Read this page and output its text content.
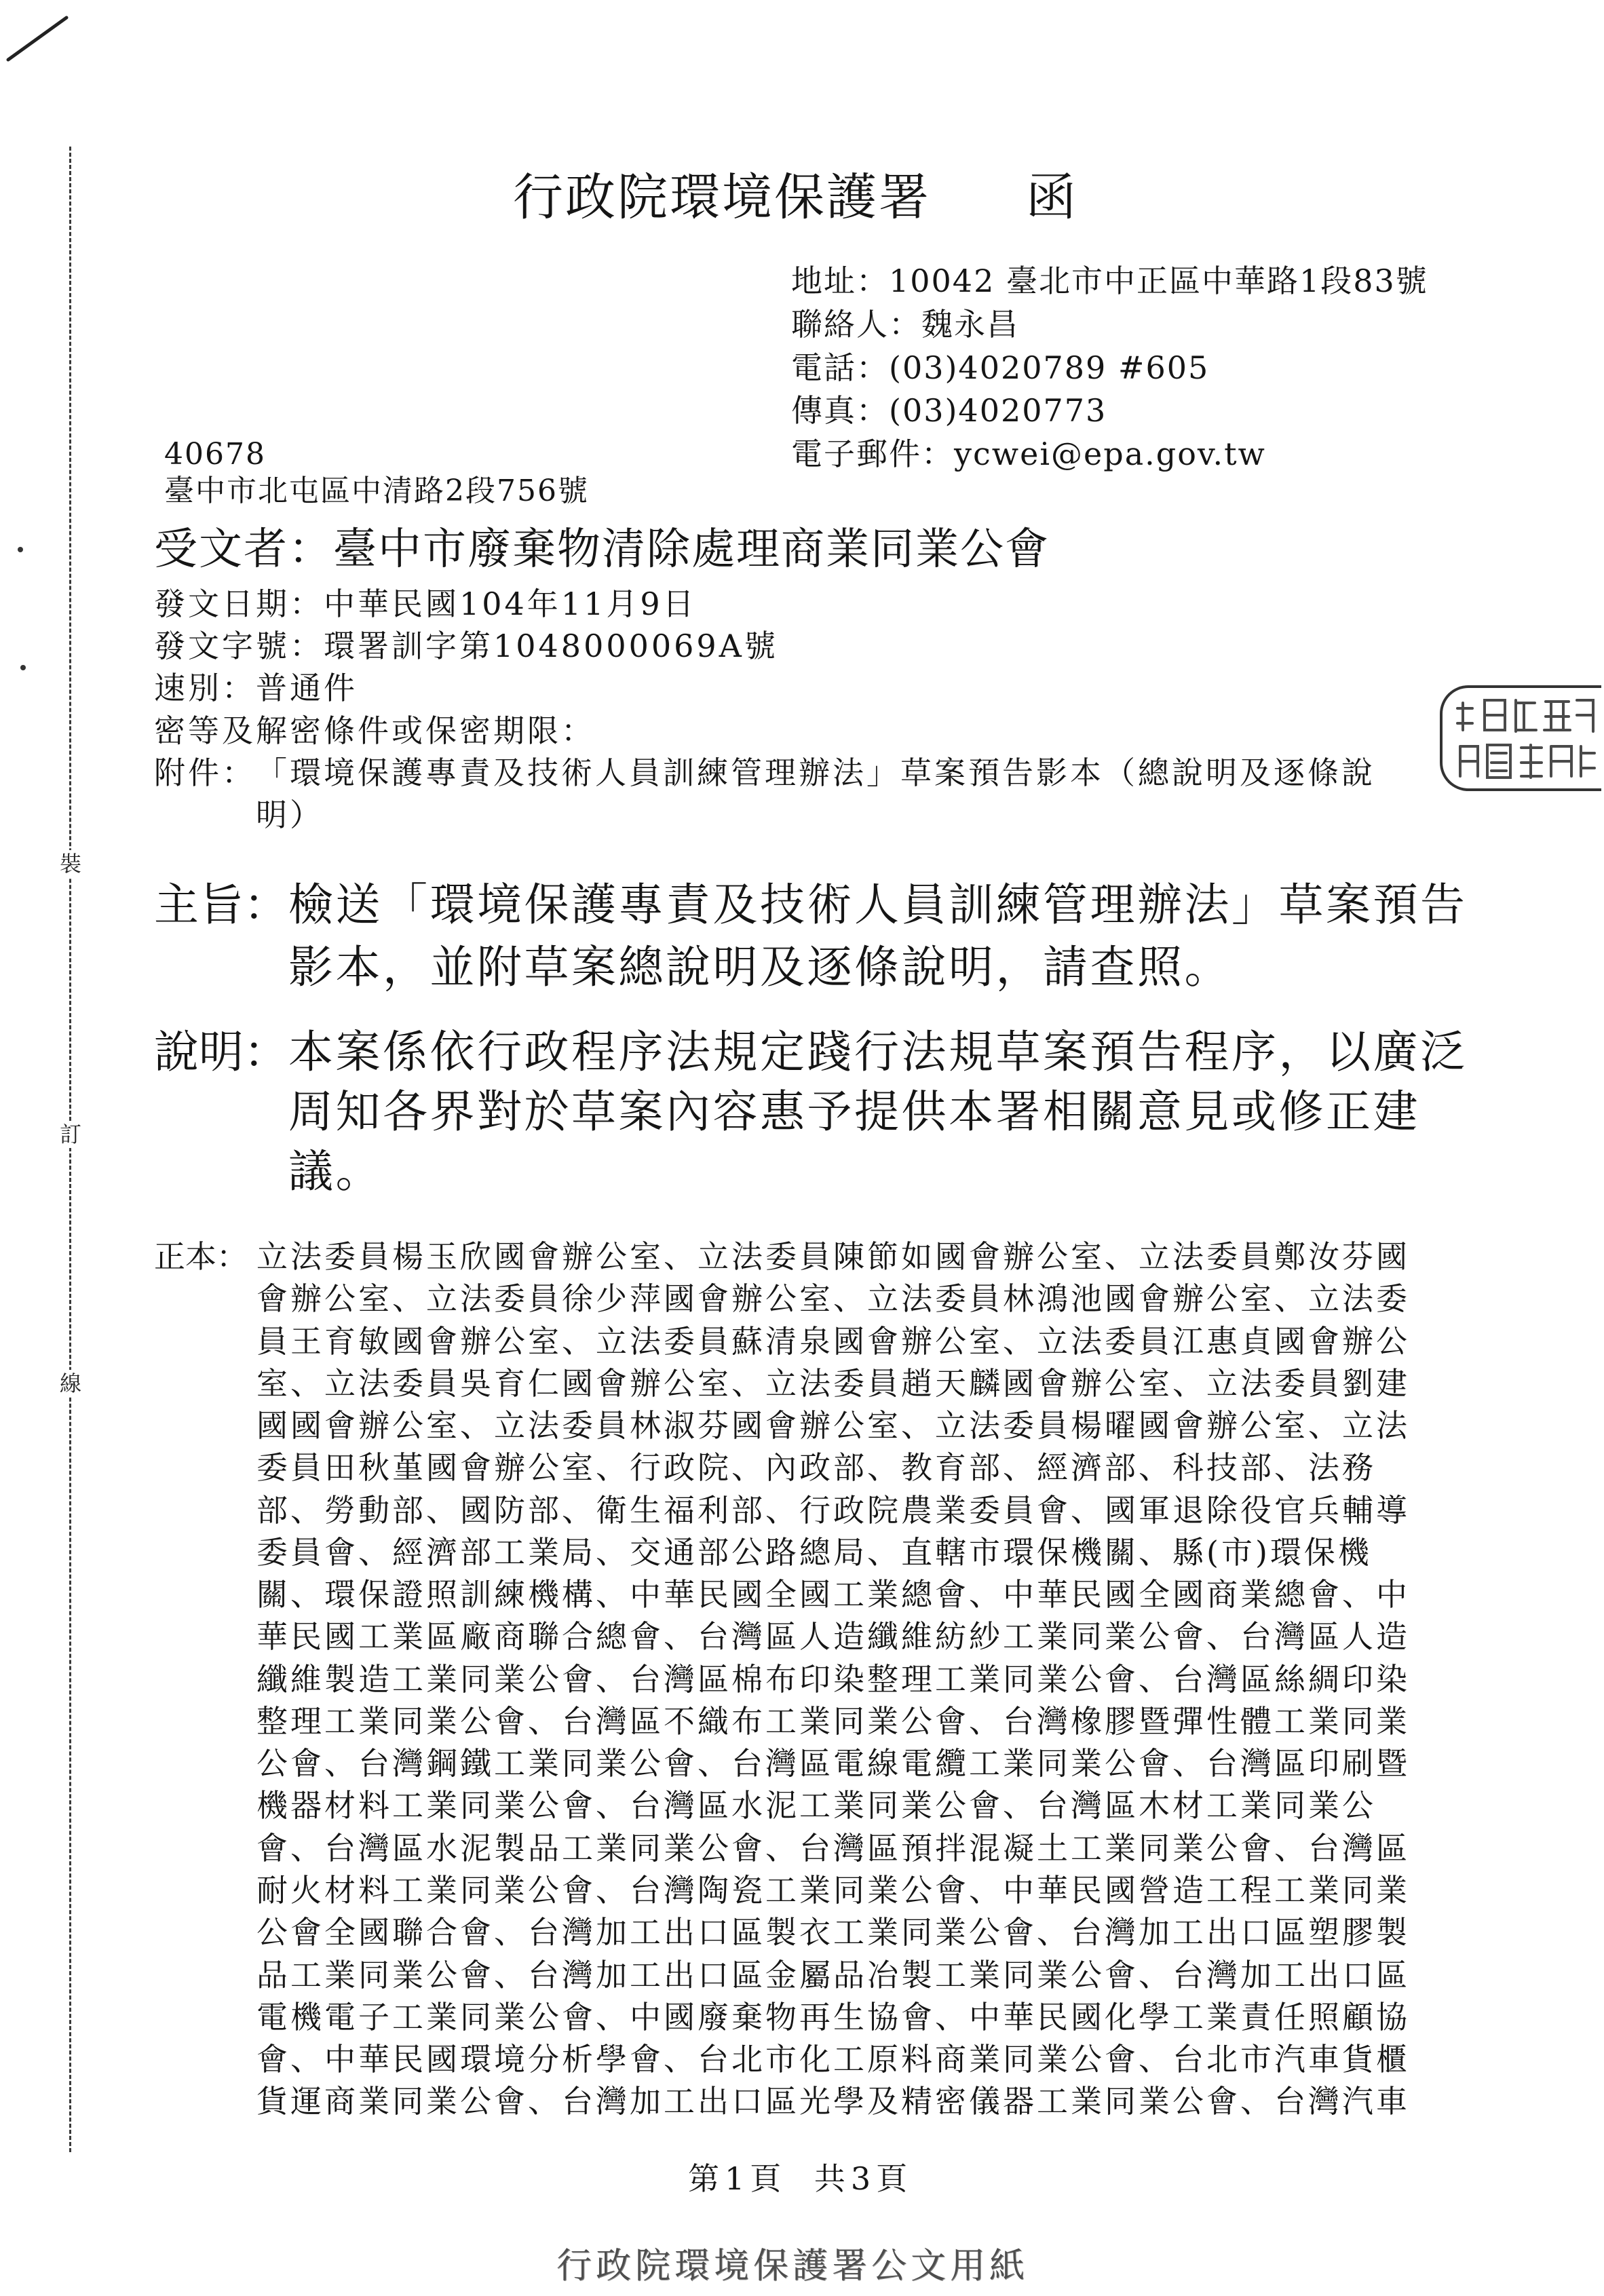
裝
訂
線
行政院環境保護署 函
地址：10042 臺北市中正區中華路1段83號
聯絡人：魏永昌
電話：(03)4020789 #605
傳真：(03)4020773
電子郵件：ycwei@epa.gov.tw
40678
臺中市北屯區中清路2段756號
受文者：臺中市廢棄物清除處理商業同業公會
發文日期：中華民國104年11月9日
發文字號：環署訓字第1048000069A號
速別：普通件
密等及解密條件或保密期限：
附件： 「環境保護專責及技術人員訓練管理辦法」草案預告影本（總說明及逐條說
明）
主旨： 檢送「環境保護專責及技術人員訓練管理辦法」草案預告
影本，並附草案總說明及逐條說明，請查照。
說明： 本案係依行政程序法規定踐行法規草案預告程序，以廣泛
周知各界對於草案內容惠予提供本署相關意見或修正建
議。
正本： 立法委員楊玉欣國會辦公室、立法委員陳節如國會辦公室、立法委員鄭汝芬國
會辦公室、立法委員徐少萍國會辦公室、立法委員林鴻池國會辦公室、立法委
員王育敏國會辦公室、立法委員蘇清泉國會辦公室、立法委員江惠貞國會辦公
室、立法委員吳育仁國會辦公室、立法委員趙天麟國會辦公室、立法委員劉建
國國會辦公室、立法委員林淑芬國會辦公室、立法委員楊曜國會辦公室、立法
委員田秋堇國會辦公室、行政院、內政部、教育部、經濟部、科技部、法務
部、勞動部、國防部、衛生福利部、行政院農業委員會、國軍退除役官兵輔導
委員會、經濟部工業局、交通部公路總局、直轄市環保機關、縣(市)環保機
關、環保證照訓練機構、中華民國全國工業總會、中華民國全國商業總會、中
華民國工業區廠商聯合總會、台灣區人造纖維紡紗工業同業公會、台灣區人造
纖維製造工業同業公會、台灣區棉布印染整理工業同業公會、台灣區絲綢印染
整理工業同業公會、台灣區不織布工業同業公會、台灣橡膠暨彈性體工業同業
公會、台灣鋼鐵工業同業公會、台灣區電線電纜工業同業公會、台灣區印刷暨
機器材料工業同業公會、台灣區水泥工業同業公會、台灣區木材工業同業公
會、台灣區水泥製品工業同業公會、台灣區預拌混凝土工業同業公會、台灣區
耐火材料工業同業公會、台灣陶瓷工業同業公會、中華民國營造工程工業同業
公會全國聯合會、台灣加工出口區製衣工業同業公會、台灣加工出口區塑膠製
品工業同業公會、台灣加工出口區金屬品冶製工業同業公會、台灣加工出口區
電機電子工業同業公會、中國廢棄物再生協會、中華民國化學工業責任照顧協
會、中華民國環境分析學會、台北市化工原料商業同業公會、台北市汽車貨櫃
貨運商業同業公會、台灣加工出口區光學及精密儀器工業同業公會、台灣汽車
第1頁 共3頁
行政院環境保護署公文用紙
